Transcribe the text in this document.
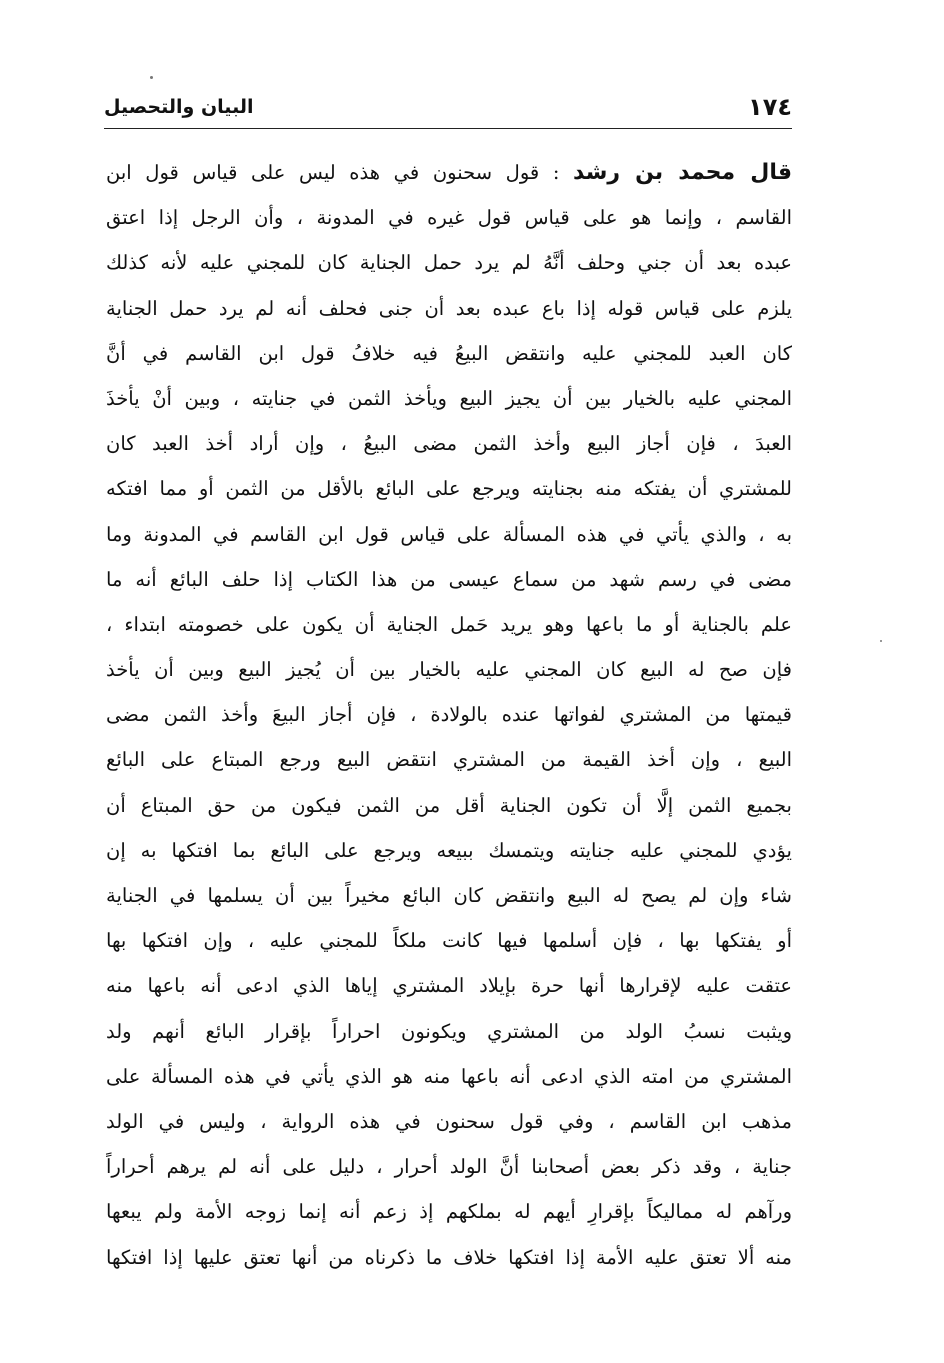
١٧٤
البيان والتحصيل
قال محمد بن رشد : قول سحنون في هذه ليس على قياس قول ابن
القاسم ، وإنما هو على قياس قول غيره في المدونة ، وأن الرجل إذا اعتق
عبده بعد أن جني وحلف أنَّهُ لم يرد حمل الجناية كان للمجني عليه لأنه كذلك
يلزم على قياس قوله إذا باع عبده بعد أن جنى فحلف أنه لم يرد حمل الجناية
كان العبد للمجني عليه وانتقض البيعُ فيه خلافُ قول ابن القاسم في أنَّ
المجني عليه بالخيار بين أن يجيز البيع ويأخذ الثمن في جنايته ، وبين أنْ يأخذَ
العبدَ ، فإن أجاز البيع وأخذ الثمن مضى البيعُ ، وإن أراد أخذ العبد كان
للمشتري أن يفتكه منه بجنايته ويرجع على البائع بالأقل من الثمن أو مما افتكه
به ، والذي يأتي في هذه المسألة على قياس قول ابن القاسم في المدونة وما
مضى في رسم شهد من سماع عيسى من هذا الكتاب إذا حلف البائع أنه ما
علم بالجناية أو ما باعها وهو يريد حَمل الجناية أن يكون على خصومته ابتداء ،
فإن صح له البيع كان المجني عليه بالخيار بين أن يُجيز البيع وبين أن يأخذ
قيمتها من المشتري لفواتها عنده بالولادة ، فإن أجاز البيعَ وأخذ الثمن مضى
البيع ، وإن أخذ القيمة من المشتري انتقض البيع ورجع المبتاع على البائع
بجميع الثمن إلَّا أن تكون الجناية أقل من الثمن فيكون من حق المبتاع أن
يؤدي للمجني عليه جنايته ويتمسك ببيعه ويرجع على البائع بما افتكها به إن
شاء وإن لم يصح له البيع وانتقض كان البائع مخيراً بين أن يسلمها في الجناية
أو يفتكها بها ، فإن أسلمها فيها كانت ملكاً للمجني عليه ، وإن افتكها بها
عتقت عليه لإقرارها أنها حرة بإيلاد المشتري إياها الذي ادعى أنه باعها منه
ويثبت نسبُ الولد من المشتري ويكونون احراراً بإقرار البائع أنهم ولد
المشتري من امته الذي ادعى أنه باعها منه هو الذي يأتي في هذه المسألة على
مذهب ابن القاسم ، وفي قول سحنون في هذه الرواية ، وليس في الولد
جناية ، وقد ذكر بعض أصحابنا أنَّ الولد أحرار ، دليل على أنه لم يرهم أحراراً
ورآهم له مماليكاً بإقرارِ أيهم له بملكهم إذ زعم أنه إنما زوجه الأمة ولم يبعها
منه ألا تعتق عليه الأمة إذا افتكها خلاف ما ذكرناه من أنها تعتق عليها إذا افتكها
